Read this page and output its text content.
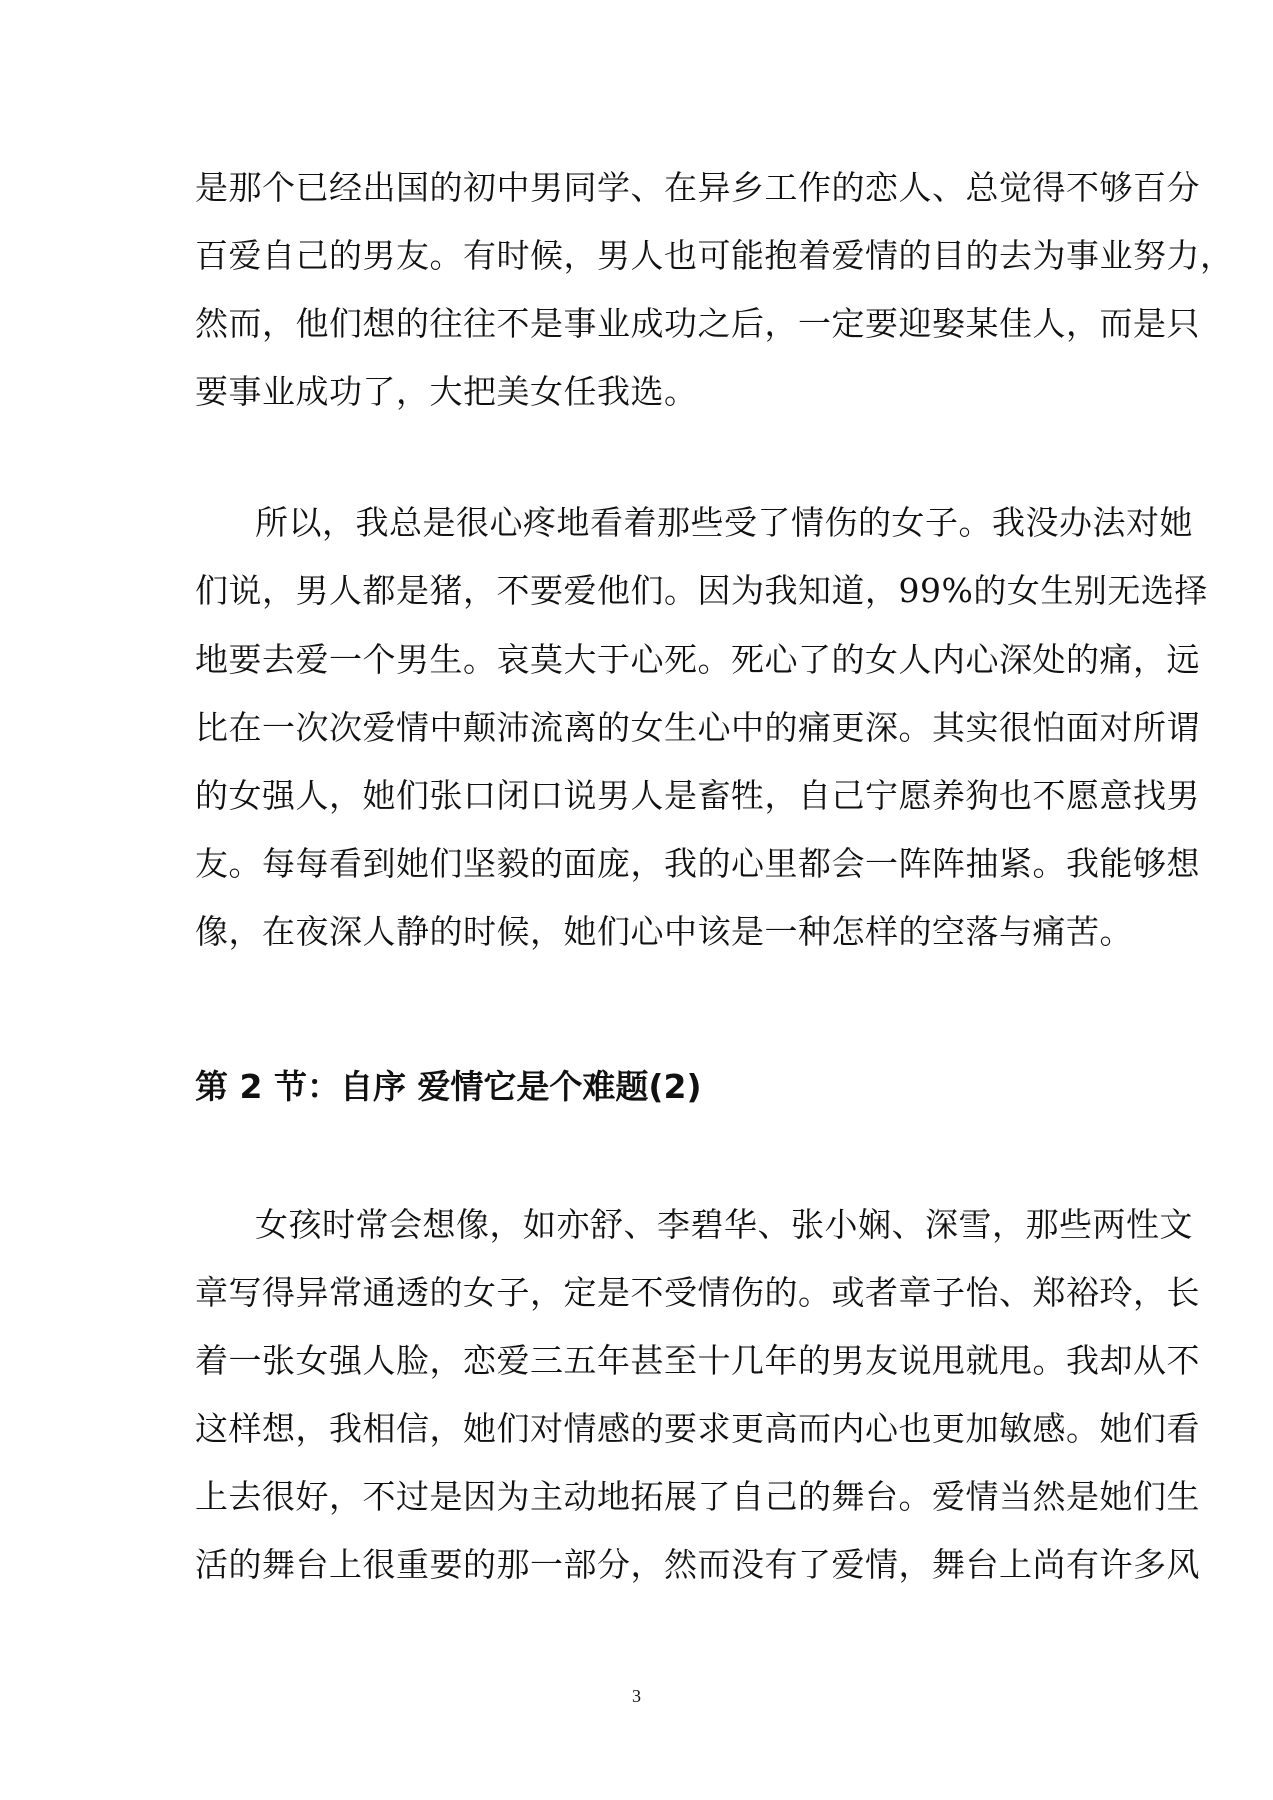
是那个已经出国的初中男同学、在异乡工作的恋人、总觉得不够百分
百爱自己的男友。有时候，男人也可能抱着爱情的目的去为事业努力，
然而，他们想的往往不是事业成功之后，一定要迎娶某佳人，而是只
要事业成功了，大把美女任我选。
所以，我总是很心疼地看着那些受了情伤的女子。我没办法对她
们说，男人都是猪，不要爱他们。因为我知道，99%的女生别无选择
地要去爱一个男生。哀莫大于心死。死心了的女人内心深处的痛，远
比在一次次爱情中颠沛流离的女生心中的痛更深。其实很怕面对所谓
的女强人，她们张口闭口说男人是畜牲，自己宁愿养狗也不愿意找男
友。每每看到她们坚毅的面庞，我的心里都会一阵阵抽紧。我能够想
像，在夜深人静的时候，她们心中该是一种怎样的空落与痛苦。
第 2 节：自序 爱情它是个难题(2)
女孩时常会想像，如亦舒、李碧华、张小娴、深雪，那些两性文
章写得异常通透的女子，定是不受情伤的。或者章子怡、郑裕玲，长
着一张女强人脸，恋爱三五年甚至十几年的男友说甩就甩。我却从不
这样想，我相信，她们对情感的要求更高而内心也更加敏感。她们看
上去很好，不过是因为主动地拓展了自己的舞台。爱情当然是她们生
活的舞台上很重要的那一部分，然而没有了爱情，舞台上尚有许多风
3
